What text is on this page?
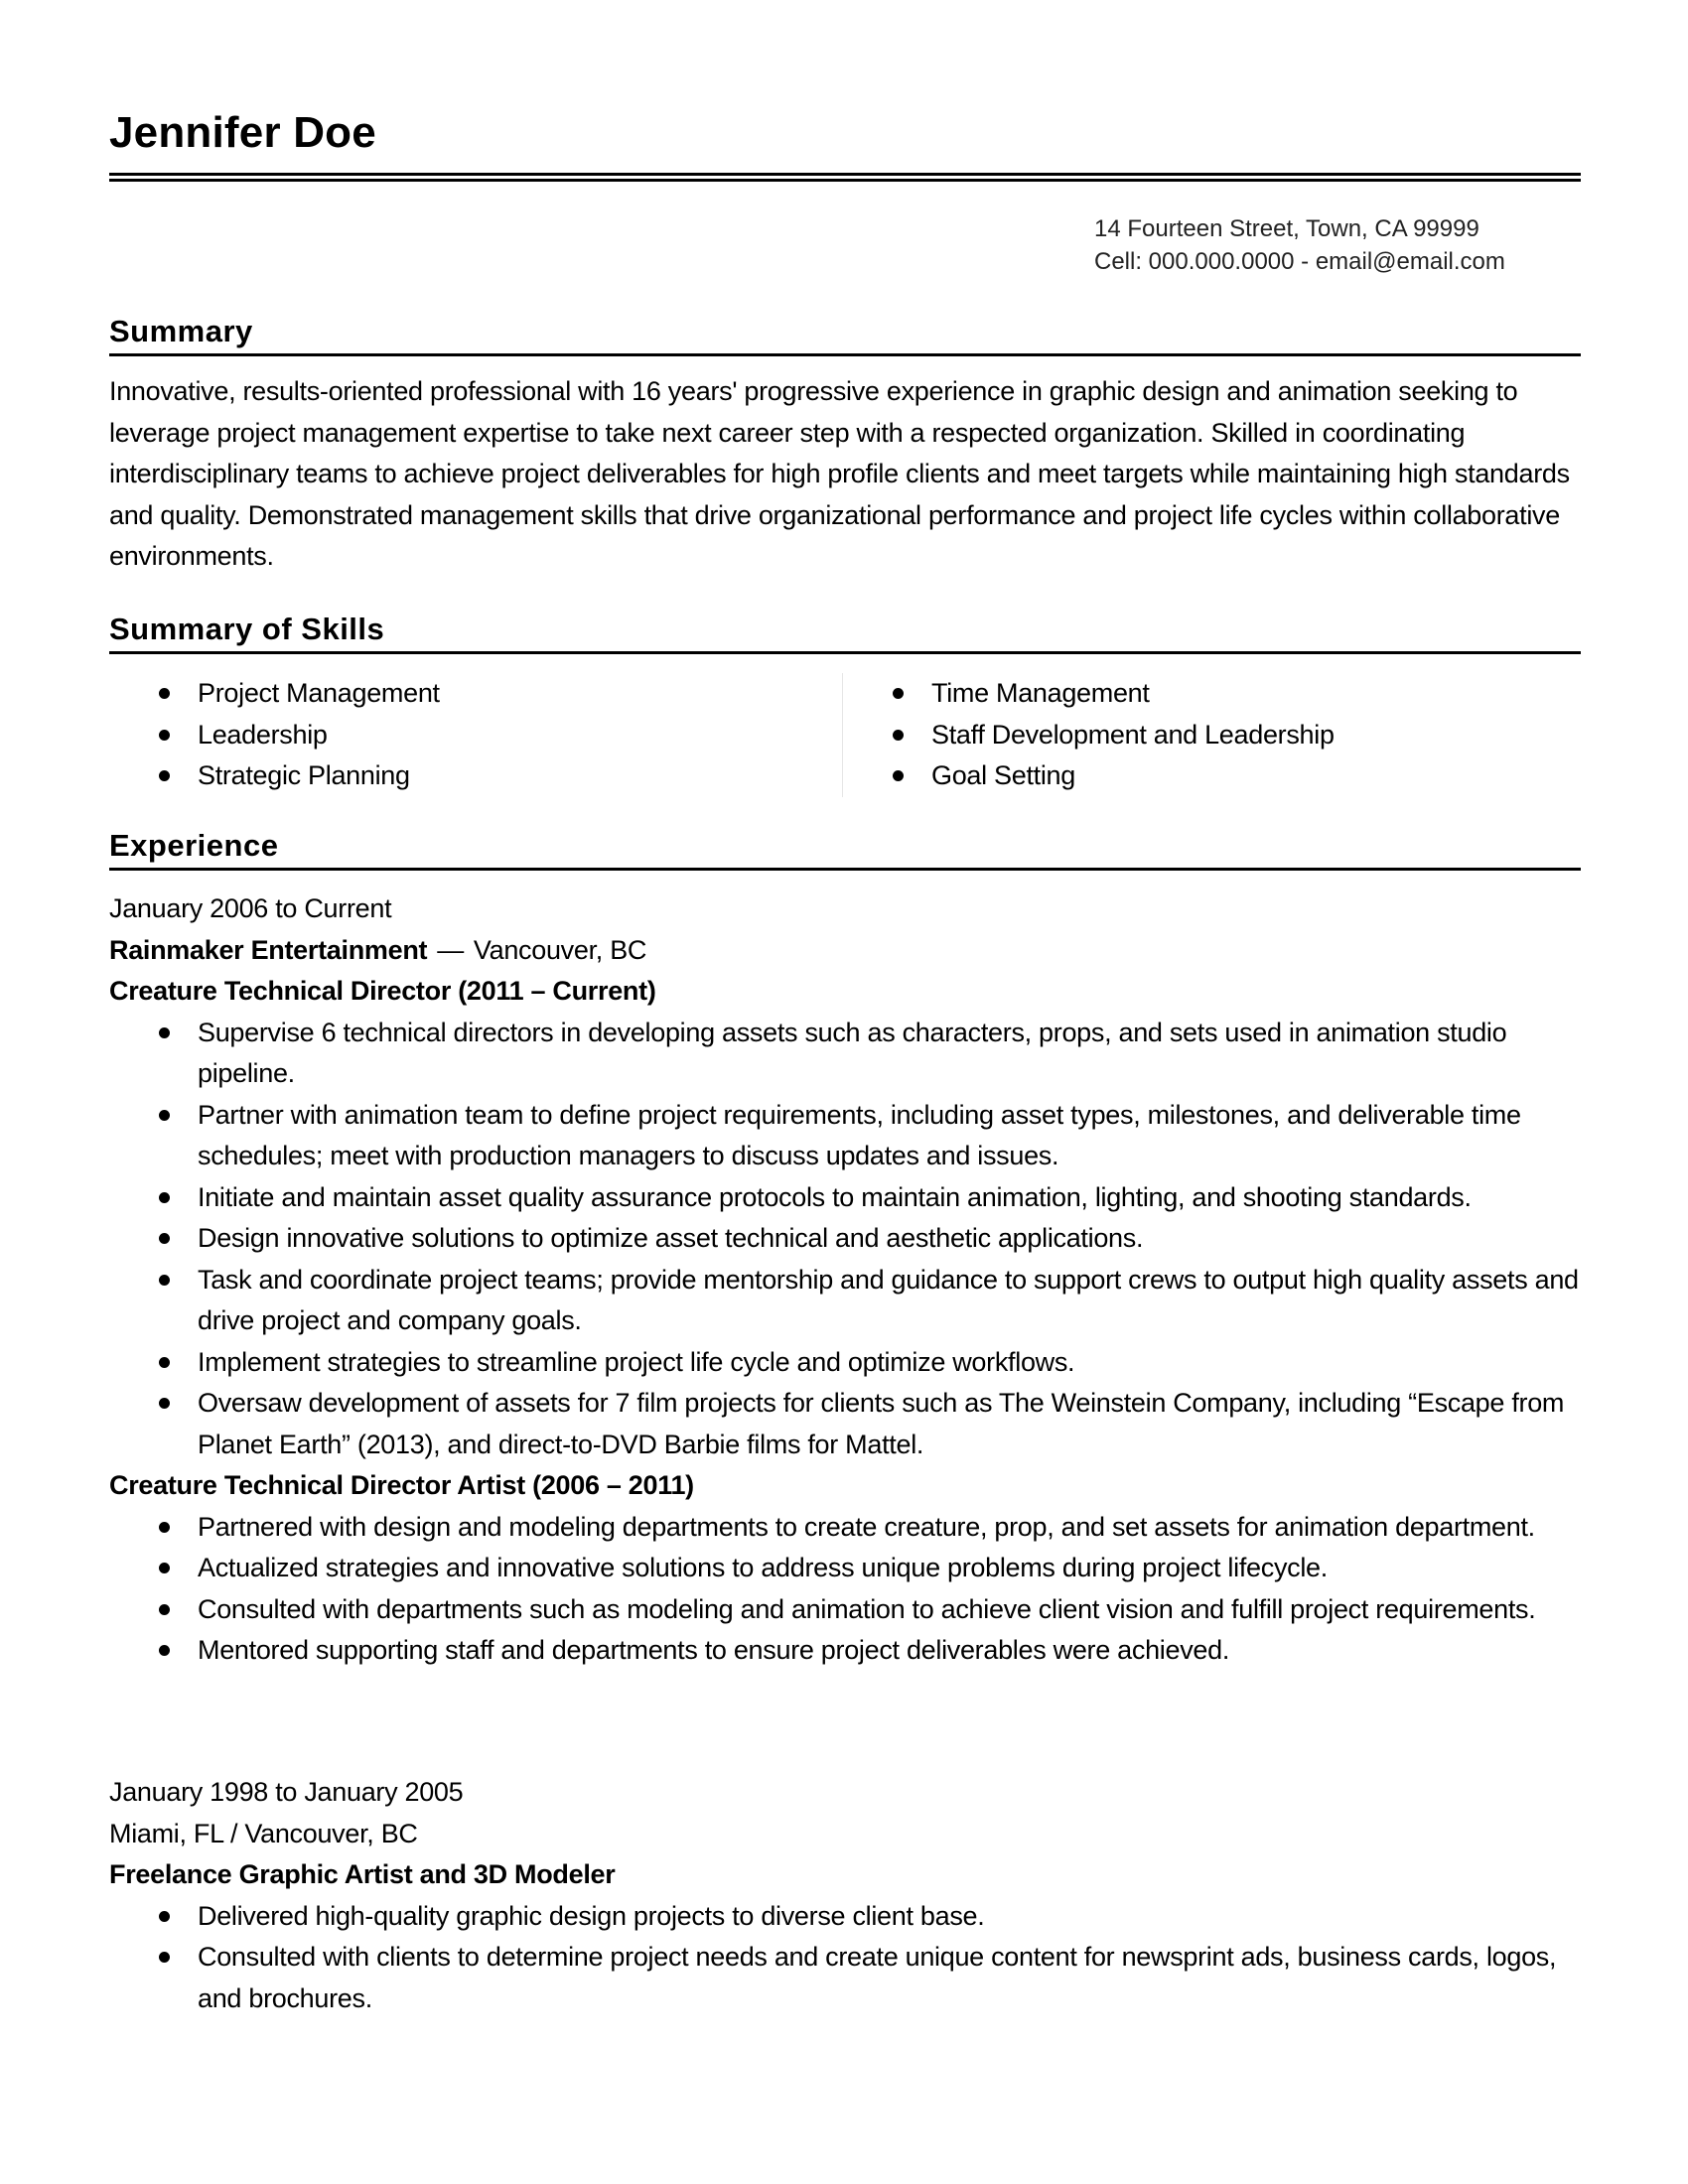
Jennifer Doe
14 Fourteen Street, Town, CA 99999
Cell: 000.000.0000 - email@email.com
Summary
Innovative, results-oriented professional with 16 years' progressive experience in graphic design and animation seeking to leverage project management expertise to take next career step with a respected organization. Skilled in coordinating interdisciplinary teams to achieve project deliverables for high profile clients and meet targets while maintaining high standards and quality. Demonstrated management skills that drive organizational performance and project life cycles within collaborative environments.
Summary of Skills
Project Management
Leadership
Strategic Planning
Time Management
Staff Development and Leadership
Goal Setting
Experience
January 2006 to Current
Rainmaker Entertainment — Vancouver, BC
Creature Technical Director (2011 – Current)
Supervise 6 technical directors in developing assets such as characters, props, and sets used in animation studio pipeline.
Partner with animation team to define project requirements, including asset types, milestones, and deliverable time schedules; meet with production managers to discuss updates and issues.
Initiate and maintain asset quality assurance protocols to maintain animation, lighting, and shooting standards.
Design innovative solutions to optimize asset technical and aesthetic applications.
Task and coordinate project teams; provide mentorship and guidance to support crews to output high quality assets and drive project and company goals.
Implement strategies to streamline project life cycle and optimize workflows.
Oversaw development of assets for 7 film projects for clients such as The Weinstein Company, including “Escape from Planet Earth” (2013), and direct-to-DVD Barbie films for Mattel.
Creature Technical Director Artist (2006 – 2011)
Partnered with design and modeling departments to create creature, prop, and set assets for animation department.
Actualized strategies and innovative solutions to address unique problems during project lifecycle.
Consulted with departments such as modeling and animation to achieve client vision and fulfill project requirements.
Mentored supporting staff and departments to ensure project deliverables were achieved.
January 1998 to January 2005
Miami, FL / Vancouver, BC
Freelance Graphic Artist and 3D Modeler
Delivered high-quality graphic design projects to diverse client base.
Consulted with clients to determine project needs and create unique content for newsprint ads, business cards, logos, and brochures.
